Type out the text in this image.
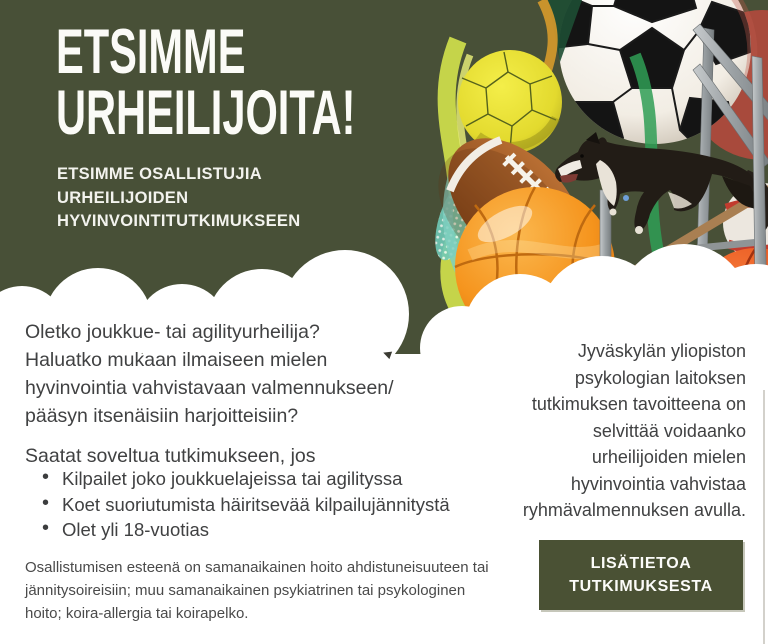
ETSIMME
URHEILIJOITA!
ETSIMME OSALLISTUJIA
URHEILIJOIDEN
HYVINVOINTITUTKIMUKSEEN
Oletko joukkue- tai agilityurheilija?
Haluatko mukaan ilmaiseen mielen
hyvinvointia vahvistavaan valmennukseen/
pääsyn itsenäisiin harjoitteisiin?
Saatat soveltua tutkimukseen, jos
• Kilpailet joko joukkuelajeissa tai agilityssa
• Koet suoriutumista häiritsevää kilpailujännitystä
• Olet yli 18-vuotias
Osallistumisen esteenä on samanaikainen hoito ahdistuneisuuteen tai
jännitysoireisiin; muu samanaikainen psykiatrinen tai psykologinen
hoito; koira-allergia tai koirapelko.
Jyväskylän yliopiston
psykologian laitoksen
tutkimuksen tavoitteena on
selvittää voidaanko
urheilijoiden mielen
hyvinvointia vahvistaa
ryhmävalmennuksen avulla.
LISÄTIETOA
TUTKIMUKSESTA
